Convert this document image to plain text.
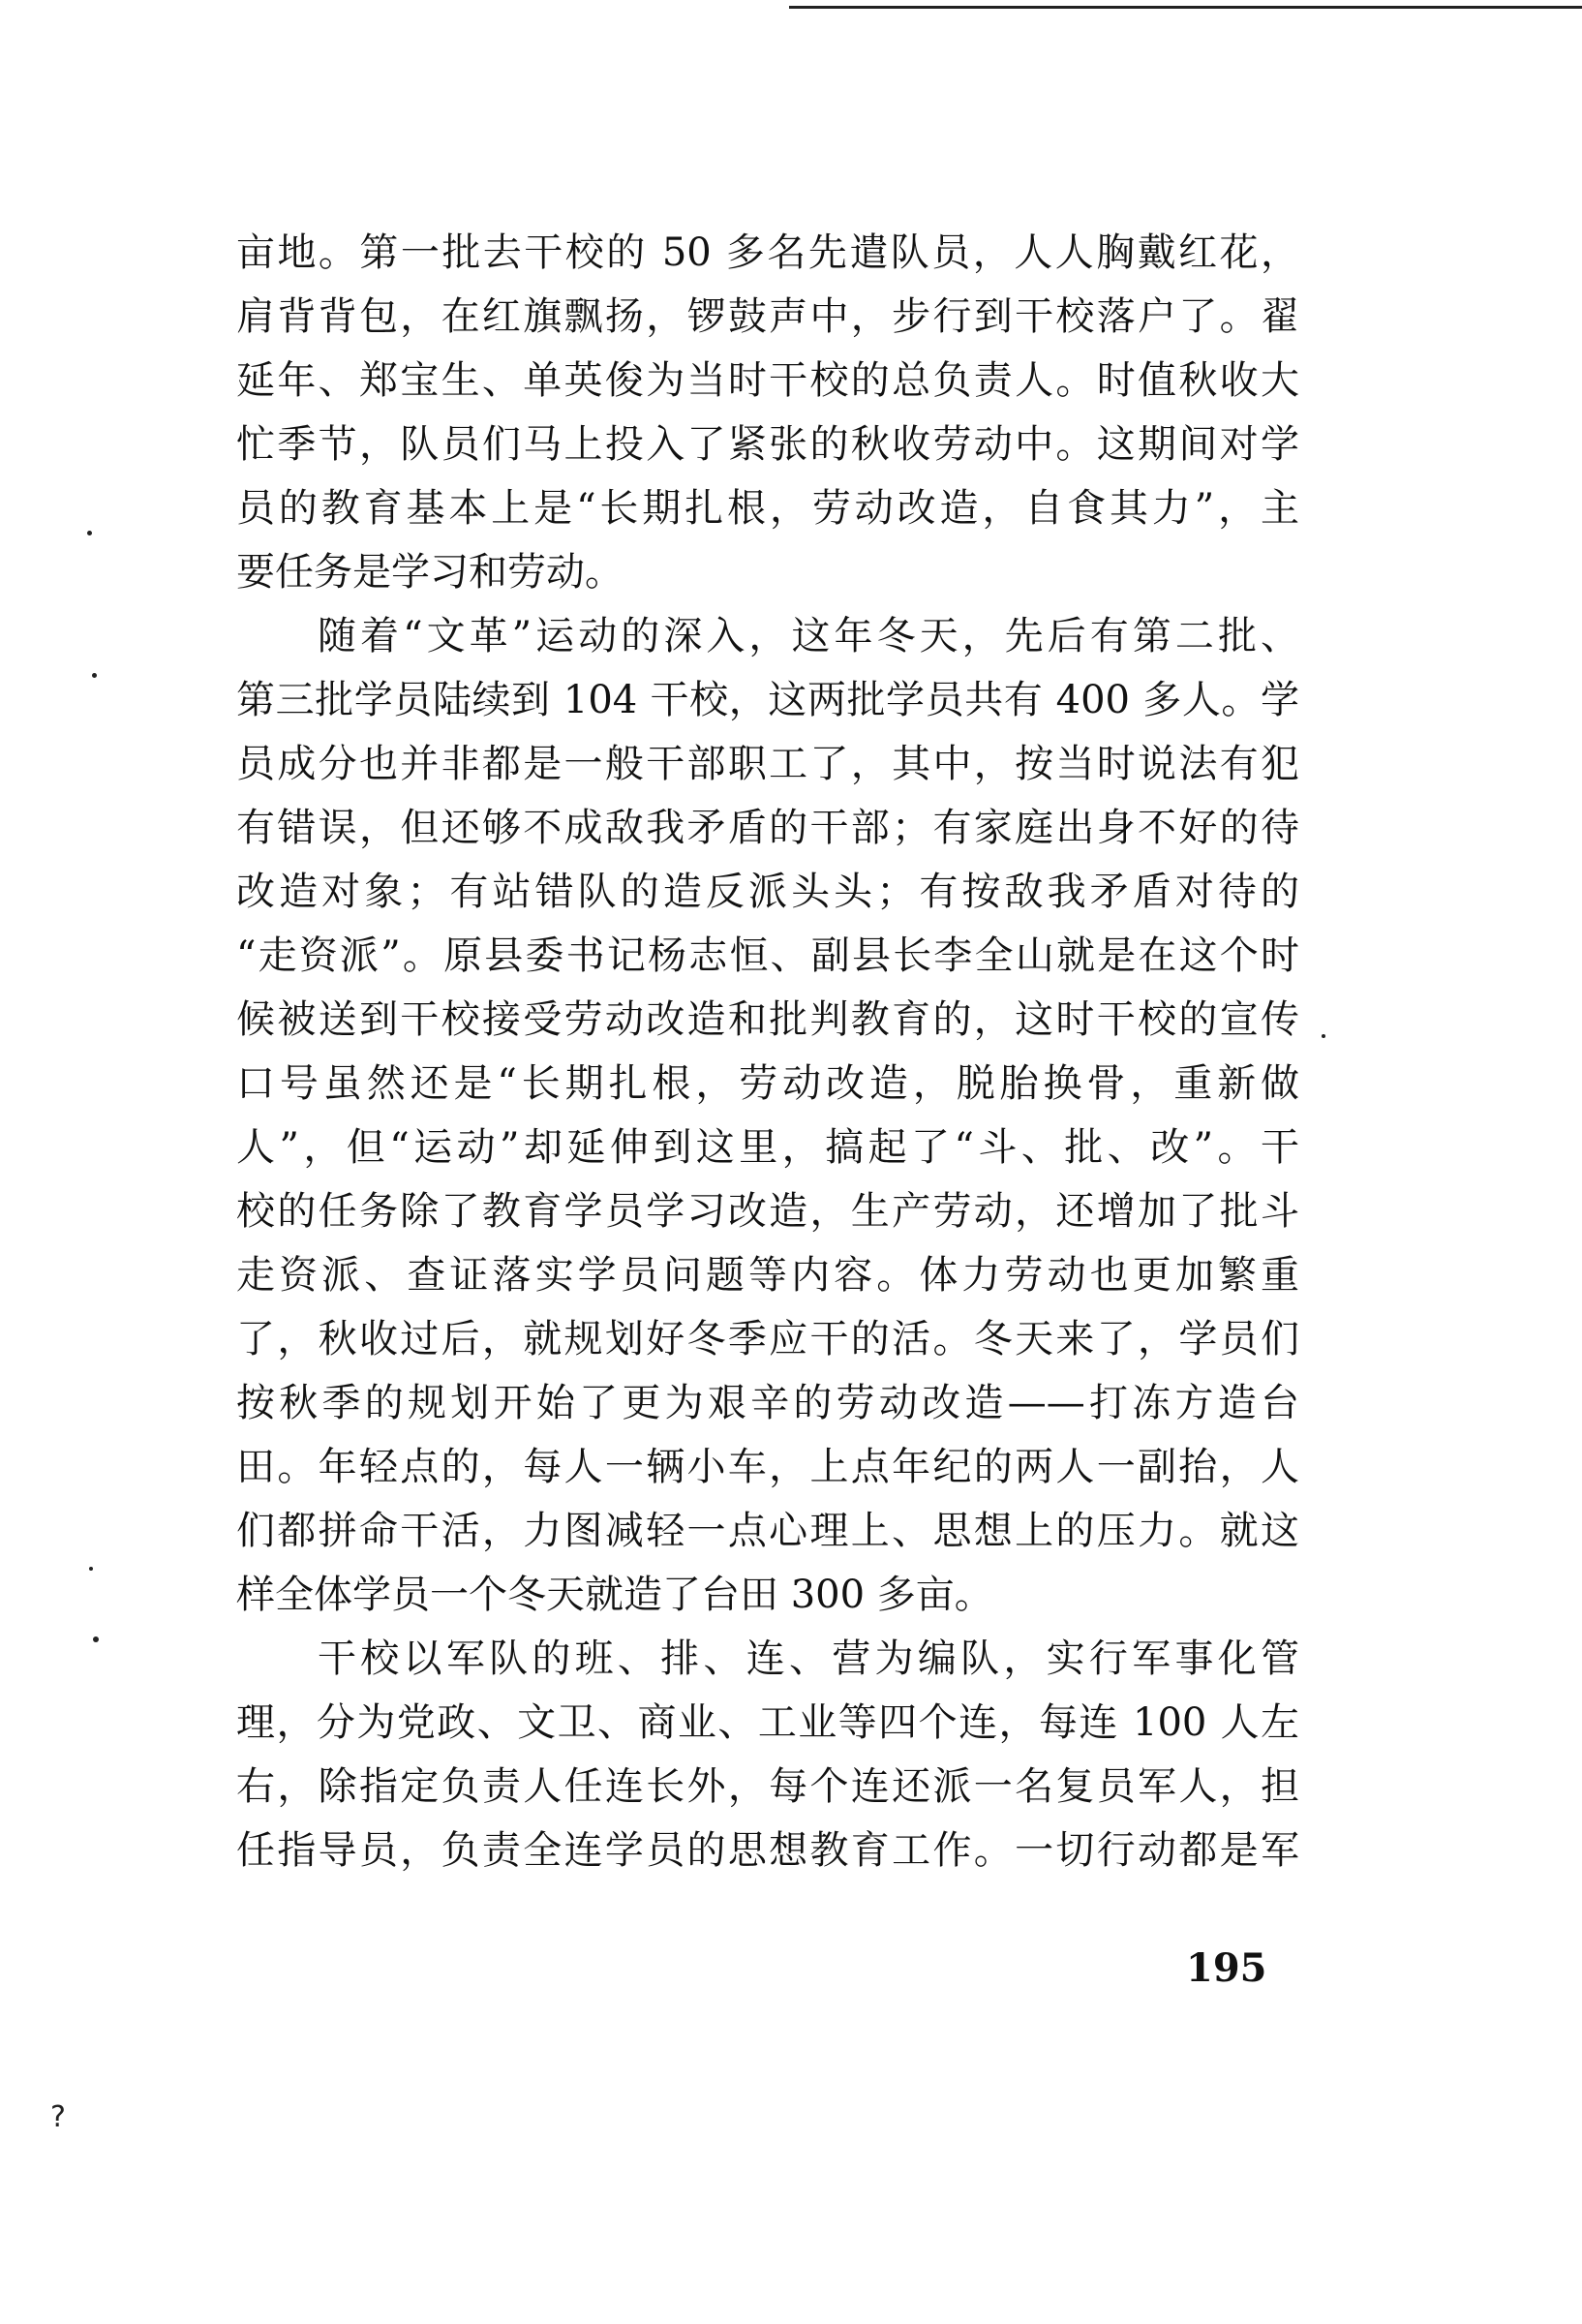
亩地。第一批去干校的 50 多名先遣队员，人人胸戴红花，
肩背背包，在红旗飘扬，锣鼓声中，步行到干校落户了。翟
延年、郑宝生、单英俊为当时干校的总负责人。时值秋收大
忙季节，队员们马上投入了紧张的秋收劳动中。这期间对学
员的教育基本上是“长期扎根，劳动改造，自食其力”，主
要任务是学习和劳动。
随着“文革”运动的深入，这年冬天，先后有第二批、
第三批学员陆续到 104 干校，这两批学员共有 400 多人。学
员成分也并非都是一般干部职工了，其中，按当时说法有犯
有错误，但还够不成敌我矛盾的干部；有家庭出身不好的待
改造对象；有站错队的造反派头头；有按敌我矛盾对待的
“走资派”。原县委书记杨志恒、副县长李全山就是在这个时
候被送到干校接受劳动改造和批判教育的，这时干校的宣传
口号虽然还是“长期扎根，劳动改造，脱胎换骨，重新做
人”，但“运动”却延伸到这里，搞起了“斗、批、改”。干
校的任务除了教育学员学习改造，生产劳动，还增加了批斗
走资派、查证落实学员问题等内容。体力劳动也更加繁重
了，秋收过后，就规划好冬季应干的活。冬天来了，学员们
按秋季的规划开始了更为艰辛的劳动改造——打冻方造台
田。年轻点的，每人一辆小车，上点年纪的两人一副抬，人
们都拼命干活，力图减轻一点心理上、思想上的压力。就这
样全体学员一个冬天就造了台田 300 多亩。
干校以军队的班、排、连、营为编队，实行军事化管
理，分为党政、文卫、商业、工业等四个连，每连 100 人左
右，除指定负责人任连长外，每个连还派一名复员军人，担
任指导员，负责全连学员的思想教育工作。一切行动都是军
195
?
